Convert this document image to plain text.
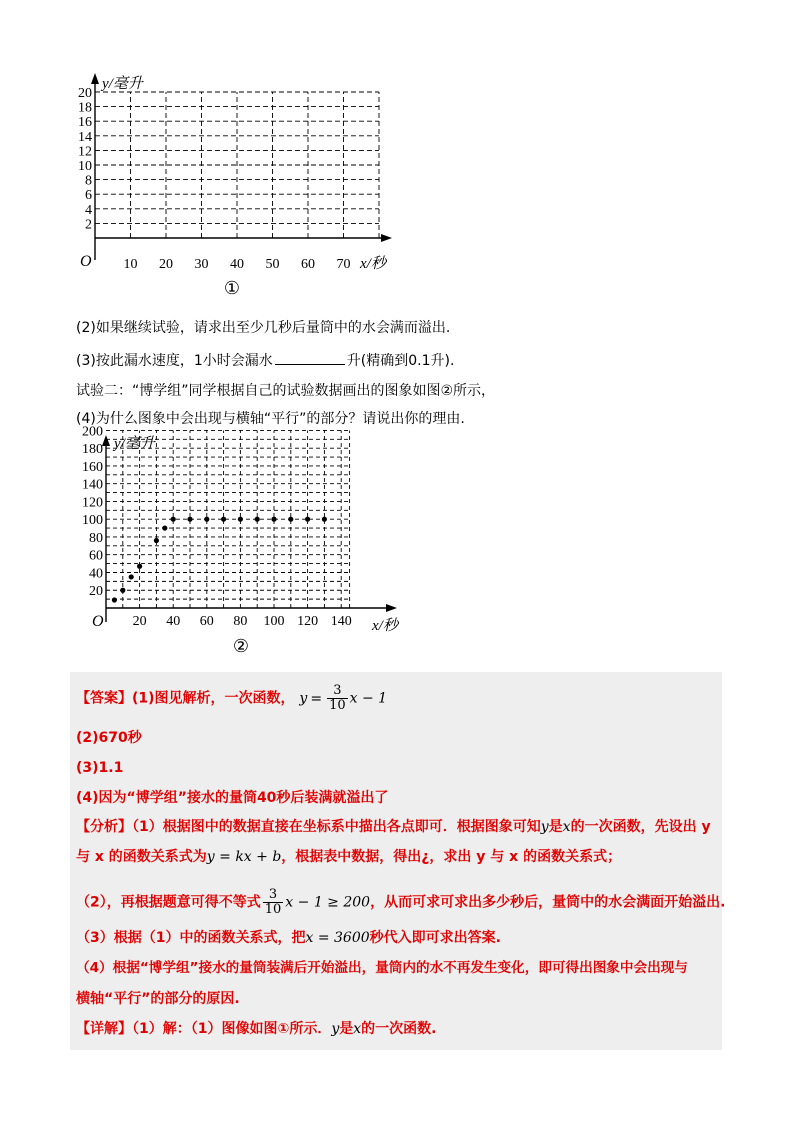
y/毫升
x/秒
O
2
4
6
8
10
12
14
16
18
20
10 20 30 40 50 60 70
①
(2)如果继续试验，请求出至少几秒后量筒中的水会满而溢出.
(3)按此漏水速度，1小时会漏水	升(精确到0.1升).
试验二：“博学组”同学根据自己的试验数据画出的图象如图②所示，
(4)为什么图象中会出现与横轴“平行”的部分？请说出你的理由.
y/毫升
x/秒
O
200
180
160
140
120
100
80
60
40
20
20 40 60 80 100 120 140
②
【答案】(1)图见解析，一次函数， $y = \frac{3}{10}$ x − 1
(2)670秒
(3)1.1
(4)因为“博学组”接水的量筒40秒后装满就溢出了
【分析】（1）根据图中的数据直接在坐标系中描出各点即可．根据图象可知y是x的一次函数，先设出 y
与 x 的函数关系式为y = kx + b，根据表中数据，得出¿，求出 y 与 x 的函数关系式；
（2），再根据题意可得不等式 $\frac{3}{10}$ x − 1 ≥ 200，从而可求可求出多少秒后，量筒中的水会满面开始溢出.
（3）根据（1）中的函数关系式，把x = 3600秒代入即可求出答案.
（4）根据“博学组”接水的量筒装满后开始溢出，量筒内的水不再发生变化，即可得出图象中会出现与
横轴“平行”的部分的原因.
【详解】（1）解：（1）图像如图①所示．y是x的一次函数.
